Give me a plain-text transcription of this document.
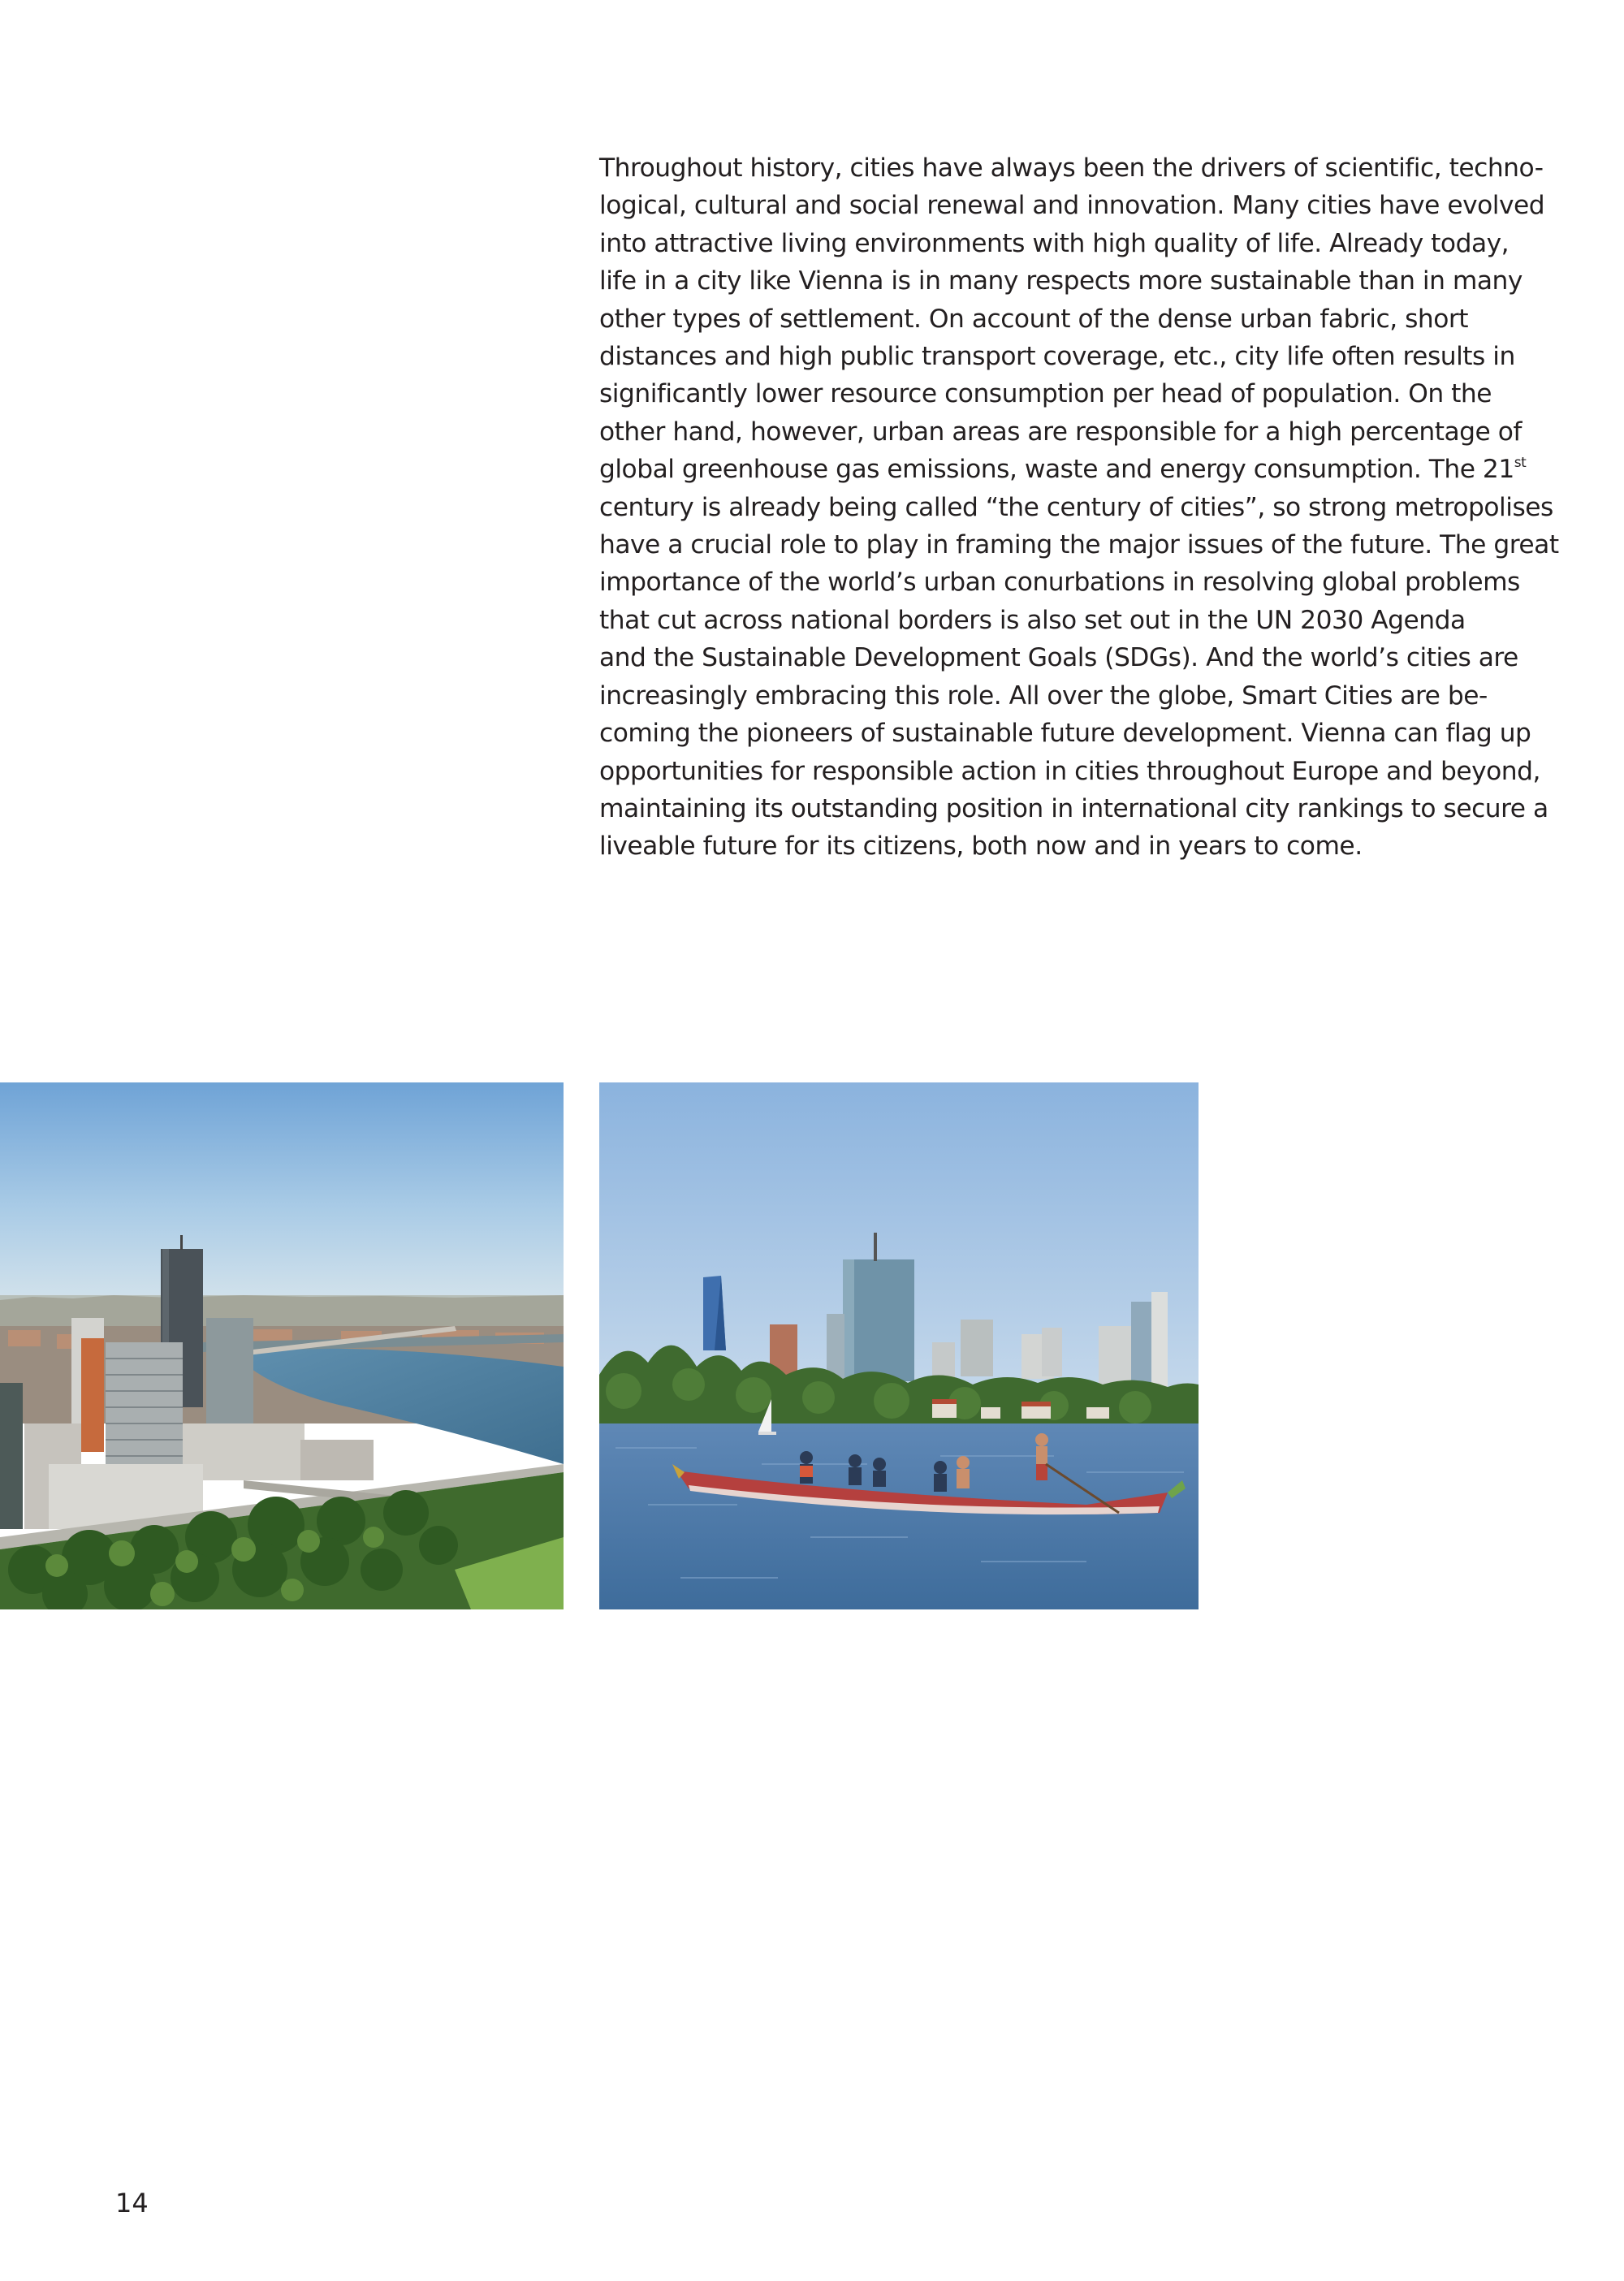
Throughout history, cities have always been the drivers of scientific, techno-
logical, cultural and social renewal and innovation. Many cities have evolved
into attractive living environments with high quality of life. Already today,
life in a city like Vienna is in many respects more sustainable than in many
other types of settlement. On account of the dense urban fabric, short
distances and high public transport coverage, etc., city life often results in
significantly lower resource consumption per head of population. On the
other hand, however, urban areas are responsible for a high percentage of
global greenhouse gas emissions, waste and energy consumption. The 21st
century is already being called “the century of cities”, so strong metropolises
have a crucial role to play in framing the major issues of the future. The great
importance of the world’s urban conurbations in resolving global problems
that cut across national borders is also set out in the UN 2030 Agenda
and the Sustainable Development Goals (SDGs). And the world’s cities are
increasingly embracing this role. All over the globe, Smart Cities are be-
coming the pioneers of sustainable future development. Vienna can flag up
opportunities for responsible action in cities throughout Europe and beyond,
maintaining its outstanding position in international city rankings to secure a
liveable future for its citizens, both now and in years to come.
14
